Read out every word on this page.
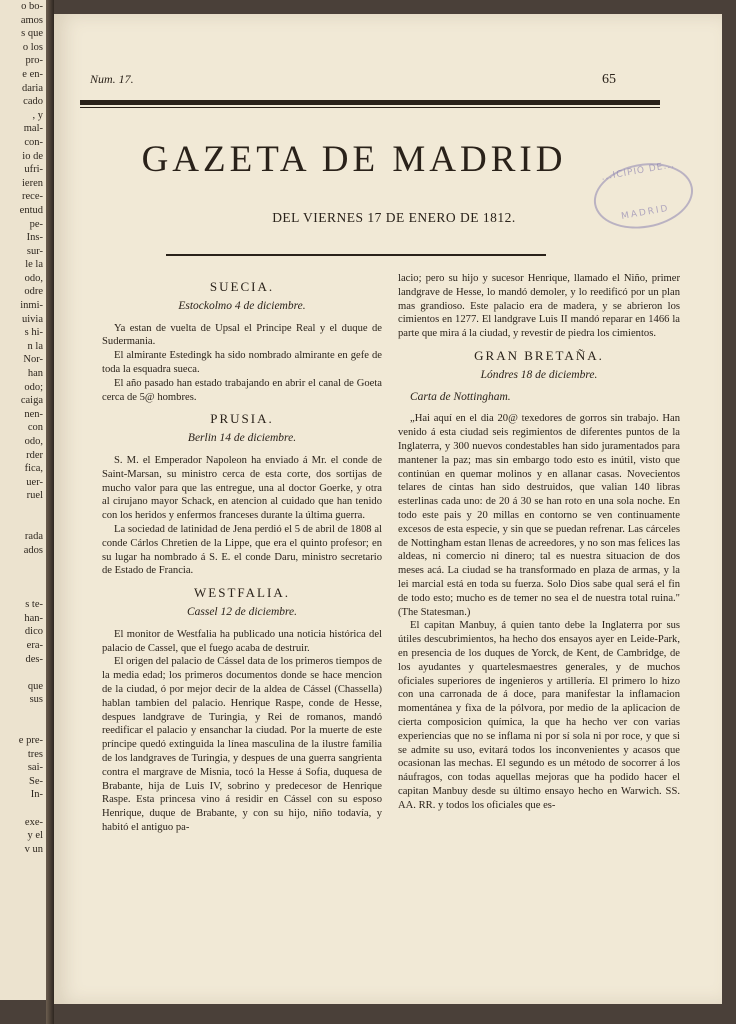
o bo-
amos
s que
o los
pro-
e en-
daria
cado
, y
mal-
con-
io de
ufri-
ieren
rece-
entud
pe-
Ins-
sur-
le la
odo,
odre
inmi-
uivia
s hi-
n la
Nor-
han
odo;
caiga
nen-
con
odo,
rder
fica,
uer-
ruel

rada
ados

s te-
han-
dico
era-
des-

que
sus

e pre-
tres
sai-
Se-
In-

exe-
y el
v un
Num. 17.	65
GAZETA DE MADRID
DEL VIERNES 17 DE ENERO DE 1812.
...ICIPIO DE...
MADRID
SUECIA.
Estockolmo 4 de diciembre.

Ya estan de vuelta de Upsal el Principe Real y el duque de Sudermania.

El almirante Estedingk ha sido nombrado almirante en gefe de toda la esquadra sueca.

El año pasado han estado trabajando en abrir el canal de Goeta cerca de 5@ hombres.

PRUSIA.
Berlin 14 de diciembre.

S. M. el Emperador Napoleon ha enviado á Mr. el conde de Saint-Marsan, su ministro cerca de esta corte, dos sortijas de mucho valor para que las entregue, una al doctor Goerke, y otra al cirujano mayor Schack, en atencion al cuidado que han tenido con los heridos y enfermos franceses durante la última guerra.

La sociedad de latinidad de Jena perdió el 5 de abril de 1808 al conde Cárlos Chretien de la Lippe, que era el quinto profesor; en su lugar ha nombrado á S. E. el conde Daru, ministro secretario de Estado de Francia.

WESTFALIA.
Cassel 12 de diciembre.

El monitor de Westfalia ha publicado una noticia histórica del palacio de Cassel, que el fuego acaba de destruir.

El origen del palacio de Cássel data de los primeros tiempos de la media edad; los primeros documentos donde se hace mencion de la ciudad, ó por mejor decir de la aldea de Cássel (Chassella) hablan tambien del palacio. Henrique Raspe, conde de Hesse, despues landgrave de Turingia, y Rei de romanos, mandó reedificar el palacio y ensanchar la ciudad. Por la muerte de este príncipe quedó extinguida la línea masculina de la ilustre familia de los landgraves de Turingia, y despues de una guerra sangrienta contra el margrave de Misnia, tocó la Hesse á Sofia, duquesa de Brabante, hija de Luis IV, sobrino y predecesor de Henrique Raspe. Esta princesa vino á residir en Cássel con su esposo Henrique, duque de Brabante, y con su hijo, niño todavía, y habitó el antiguo pa-

lacio; pero su hijo y sucesor Henrique, llamado el Niño, primer landgrave de Hesse, lo mandó demoler, y lo reedificó por un plan mas grandioso. Este palacio era de madera, y se abrieron los cimientos en 1277. El landgrave Luis II mandó reparar en 1466 la parte que mira á la ciudad, y revestir de piedra los cimientos.

GRAN BRETAÑA.
Lóndres 18 de diciembre.
Carta de Nottingham.

„Hai aquí en el dia 20@ texedores de gorros sin trabajo. Han venido á esta ciudad seis regimientos de diferentes puntos de la Inglaterra, y 300 nuevos condestables han sido juramentados para mantener la paz; mas sin embargo todo esto es inútil, visto que continúan en quemar molinos y en allanar casas. Novecientos telares de cintas han sido destruidos, que valian 140 libras esterlinas cada uno: de 20 á 30 se han roto en una sola noche. En todo este pais y 20 millas en contorno se ven continuamente excesos de esta especie, y sin que se puedan refrenar. Las cárceles de Nottingham estan llenas de acreedores, y no son mas felices las aldeas, ni comercio ni dinero; tal es nuestra situacion de dos meses acá. La ciudad se ha transformado en plaza de armas, y la lei marcial está en toda su fuerza. Solo Dios sabe qual será el fin de todo esto; mucho es de temer no sea el de nuestra total ruina." (The Statesman.)

El capitan Manbuy, á quien tanto debe la Inglaterra por sus útiles descubrimientos, ha hecho dos ensayos ayer en Leide-Park, en presencia de los duques de Yorck, de Kent, de Cambridge, de los ayudantes y quartelesmaestres generales, y de muchos oficiales superiores de ingenieros y artillería. El primero lo hizo con una carronada de á doce, para manifestar la inflamacion momentánea y fixa de la pólvora, por medio de la aplicacion de cierta composicion química, la que ha hecho ver con varias experiencias que no se inflama ni por sí sola ni por roce, y que si se admite su uso, evitará todos los inconvenientes y acasos que ocasionan las mechas. El segundo es un método de socorrer á los náufragos, con todas aquellas mejoras que ha podido hacer el capitan Manbuy desde su último ensayo hecho en Warwich. SS. AA. RR. y todos los oficiales que es-
